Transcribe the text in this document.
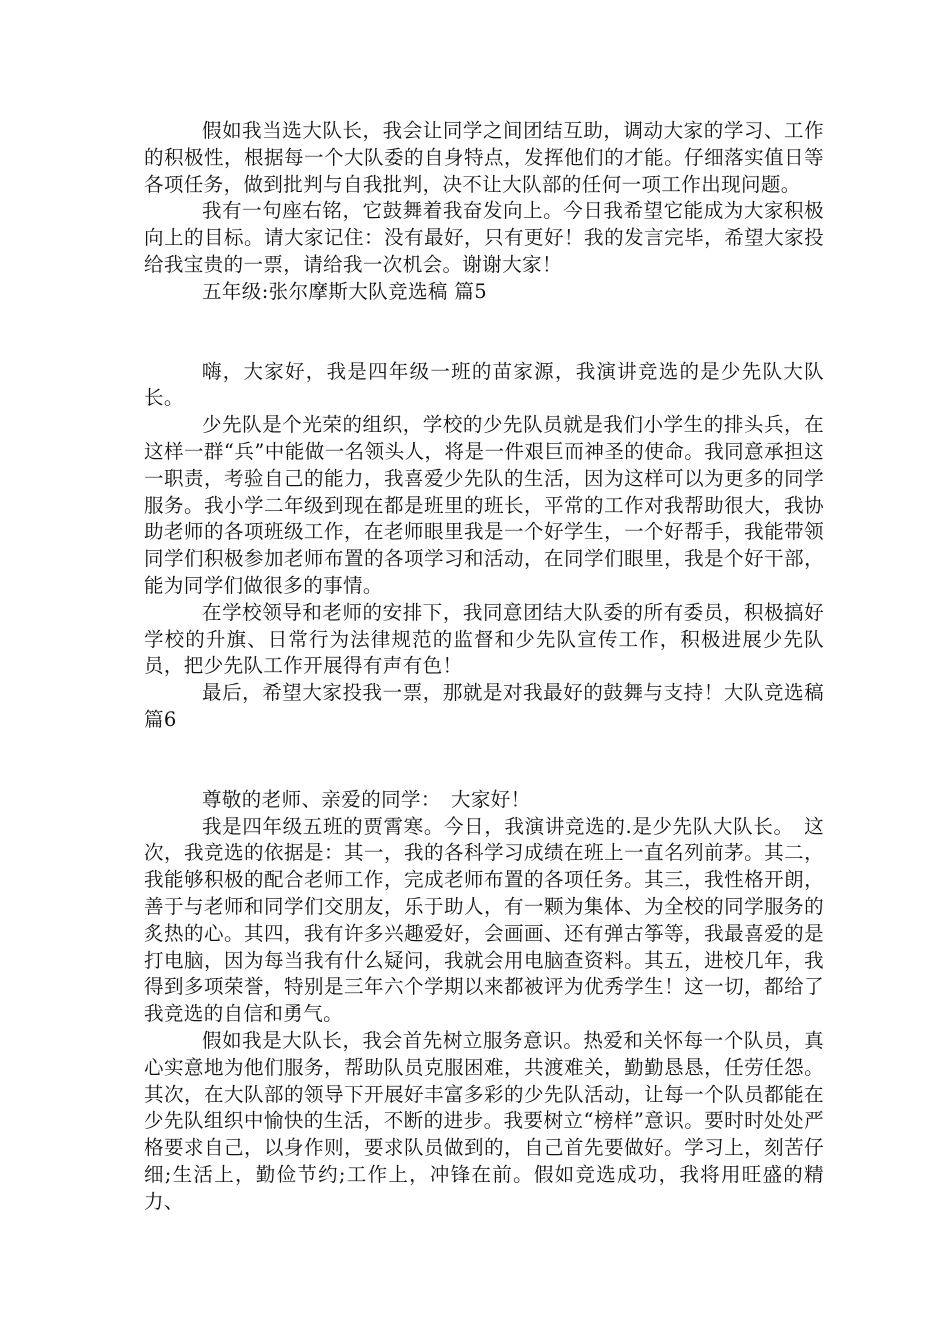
假如我当选大队长，我会让同学之间团结互助，调动大家的学习、工作的积极性，根据每一个大队委的自身特点，发挥他们的才能。仔细落实值日等各项任务，做到批判与自我批判，决不让大队部的任何一项工作出现问题。

我有一句座右铭，它鼓舞着我奋发向上。今日我希望它能成为大家积极向上的目标。请大家记住：没有最好，只有更好！我的发言完毕，希望大家投给我宝贵的一票，请给我一次机会。谢谢大家！

五年级:张尔摩斯大队竞选稿 篇5

嗨，大家好，我是四年级一班的苗家源，我演讲竞选的是少先队大队长。

少先队是个光荣的组织，学校的少先队员就是我们小学生的排头兵，在这样一群“兵”中能做一名领头人，将是一件艰巨而神圣的使命。我同意承担这一职责，考验自己的能力，我喜爱少先队的生活，因为这样可以为更多的同学服务。我小学二年级到现在都是班里的班长，平常的工作对我帮助很大，我协助老师的各项班级工作，在老师眼里我是一个好学生，一个好帮手，我能带领同学们积极参加老师布置的各项学习和活动，在同学们眼里，我是个好干部，能为同学们做很多的事情。

在学校领导和老师的安排下，我同意团结大队委的所有委员，积极搞好学校的升旗、日常行为法律规范的监督和少先队宣传工作，积极进展少先队员，把少先队工作开展得有声有色！

最后，希望大家投我一票，那就是对我最好的鼓舞与支持！大队竞选稿 篇6

尊敬的老师、亲爱的同学：　大家好！

我是四年级五班的贾霄寒。今日，我演讲竞选的.是少先队大队长。　这次，我竞选的依据是：其一，我的各科学习成绩在班上一直名列前茅。其二，我能够积极的配合老师工作，完成老师布置的各项任务。其三，我性格开朗，善于与老师和同学们交朋友，乐于助人，有一颗为集体、为全校的同学服务的炙热的心。其四，我有许多兴趣爱好，会画画、还有弹古筝等，我最喜爱的是打电脑，因为每当我有什么疑问，我就会用电脑查资料。其五，进校几年，我得到多项荣誉，特别是三年六个学期以来都被评为优秀学生！这一切，都给了我竞选的自信和勇气。

假如我是大队长，我会首先树立服务意识。热爱和关怀每一个队员，真心实意地为他们服务，帮助队员克服困难，共渡难关，勤勤恳恳，任劳任怨。其次，在大队部的领导下开展好丰富多彩的少先队活动，让每一个队员都能在少先队组织中愉快的生活，不断的进步。我要树立“榜样”意识。要时时处处严格要求自己，以身作则，要求队员做到的，自己首先要做好。学习上，刻苦仔细;生活上，勤俭节约;工作上，冲锋在前。假如竞选成功，我将用旺盛的精力、
